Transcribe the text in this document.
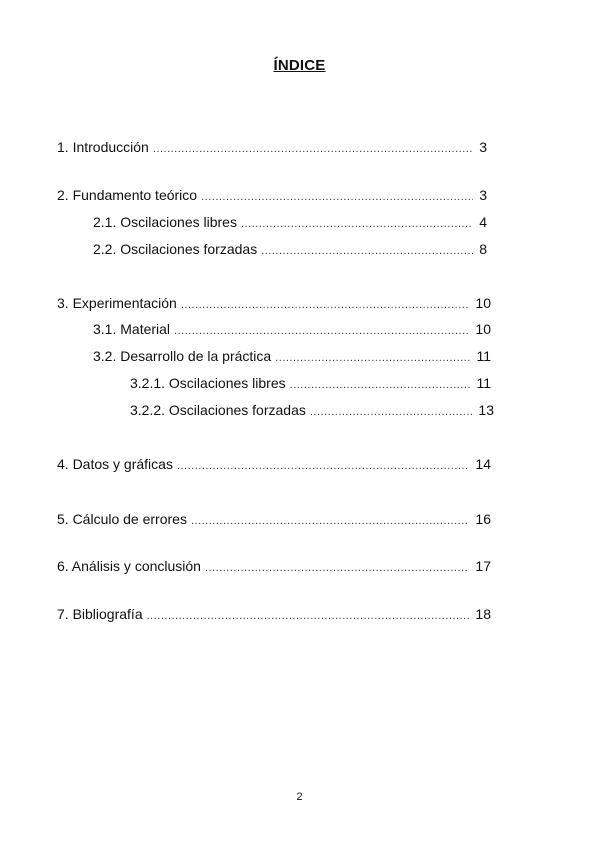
ÍNDICE
1. Introducción .....	3
2. Fundamento teórico .....	3
2.1. Oscilaciones libres .....	4
2.2. Oscilaciones forzadas .....	8
3. Experimentación .....	10
3.1. Material .....	10
3.2. Desarrollo de la práctica .....	11
3.2.1. Oscilaciones libres .....	11
3.2.2. Oscilaciones forzadas .....	13
4. Datos y gráficas .....	14
5. Cálculo de errores .....	16
6. Análisis y conclusión .....	17
7. Bibliografía .....	18
2
